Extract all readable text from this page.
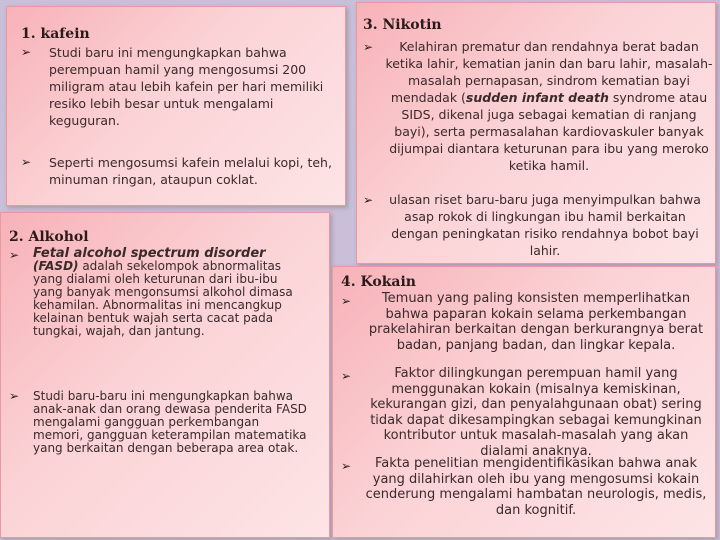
1. kafein
➢ Studi baru ini mengungkapkan bahwa perempuan hamil yang mengosumsi 200 miligram atau lebih kafein per hari memiliki resiko lebih besar untuk mengalami keguguran.
➢ Seperti mengosumsi kafein melalui kopi, teh, minuman ringan, ataupun coklat.
2. Alkohol
➢ Fetal alcohol spectrum disorder
(FASD) adalah sekelompok abnormalitas yang dialami oleh keturunan dari ibu-ibu yang banyak mengonsumsi alkohol dimasa kehamilan. Abnormalitas ini mencangkup kelainan bentuk wajah serta cacat pada tungkai, wajah, dan jantung.
➢ Studi baru-baru ini mengungkapkan bahwa anak-anak dan orang dewasa penderita FASD mengalami gangguan perkembangan memori, gangguan keterampilan matematika yang berkaitan dengan beberapa area otak.
3. Nikotin
➢	Kelahiran prematur dan rendahnya berat badan ketika lahir, kematian janin dan baru lahir, masalah-masalah pernapasan, sindrom kematian bayi mendadak (sudden infant death syndrome atau SIDS, dikenal juga sebagai kematian di ranjang bayi), serta permasalahan kardiovaskuler banyak dijumpai diantara keturunan para ibu yang meroko ketika hamil.
➢	ulasan riset baru-baru juga menyimpulkan bahwa asap rokok di lingkungan ibu hamil berkaitan dengan peningkatan risiko rendahnya bobot bayi lahir.
4. Kokain
➢	Temuan yang paling konsisten memperlihatkan bahwa paparan kokain selama perkembangan prakelahiran berkaitan dengan berkurangnya berat badan, panjang badan, dan lingkar kepala.
➢	Faktor dilingkungan perempuan hamil yang menggunakan kokain (misalnya kemiskinan, kekurangan gizi, dan penyalahgunaan obat) sering tidak dapat dikesampingkan sebagai kemungkinan kontributor untuk masalah-masalah yang akan dialami anaknya.
➢	Fakta penelitian mengidentifikasikan bahwa anak yang dilahirkan oleh ibu yang mengosumsi kokain cenderung mengalami hambatan neurologis, medis, dan kognitif.
